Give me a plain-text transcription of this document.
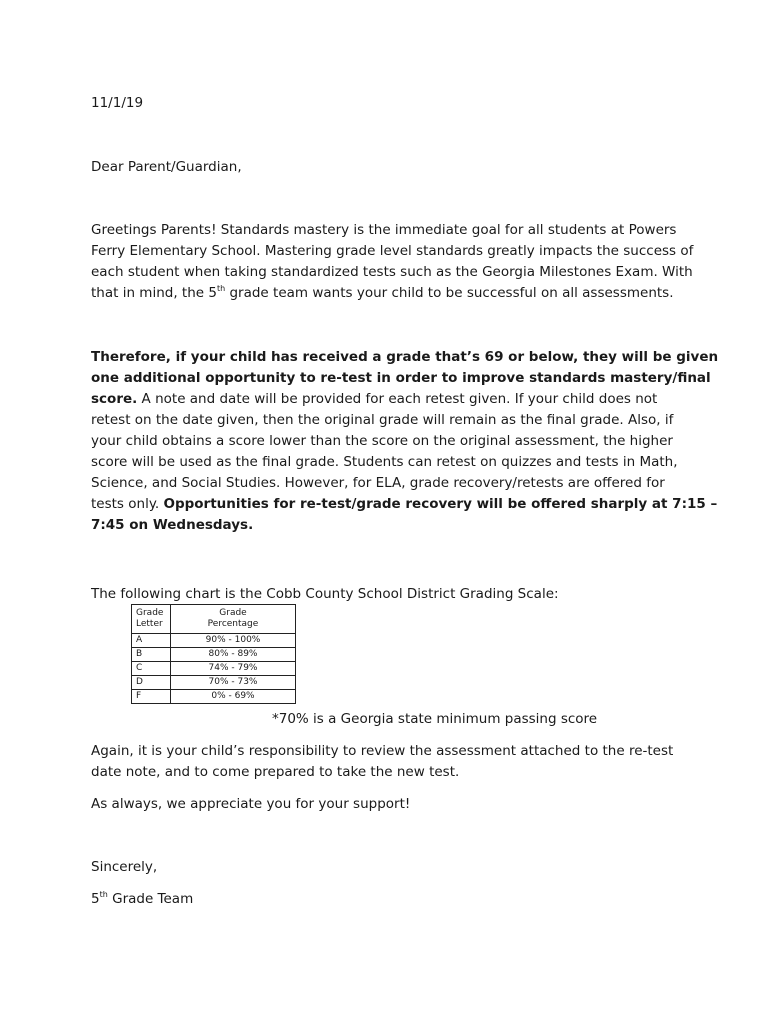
11/1/19
Dear Parent/Guardian,
Greetings Parents! Standards mastery is the immediate goal for all students at Powers
Ferry Elementary School. Mastering grade level standards greatly impacts the success of
each student when taking standardized tests such as the Georgia Milestones Exam. With
that in mind, the 5th grade team wants your child to be successful on all assessments.
Therefore, if your child has received a grade that’s 69 or below, they will be given
one additional opportunity to re-test in order to improve standards mastery/final
score. A note and date will be provided for each retest given. If your child does not
retest on the date given, then the original grade will remain as the final grade. Also, if
your child obtains a score lower than the score on the original assessment, the higher
score will be used as the final grade. Students can retest on quizzes and tests in Math,
Science, and Social Studies. However, for ELA, grade recovery/retests are offered for
tests only. Opportunities for re-test/grade recovery will be offered sharply at 7:15 –
7:45 on Wednesdays.
The following chart is the Cobb County School District Grading Scale:
Grade
Letter	Grade
Percentage
A	90% - 100%
B	80% - 89%
C	74% - 79%
D	70% - 73%
F	0% - 69%
*70% is a Georgia state minimum passing score
Again, it is your child’s responsibility to review the assessment attached to the re-test
date note, and to come prepared to take the new test.
As always, we appreciate you for your support!
Sincerely,
5th Grade Team
